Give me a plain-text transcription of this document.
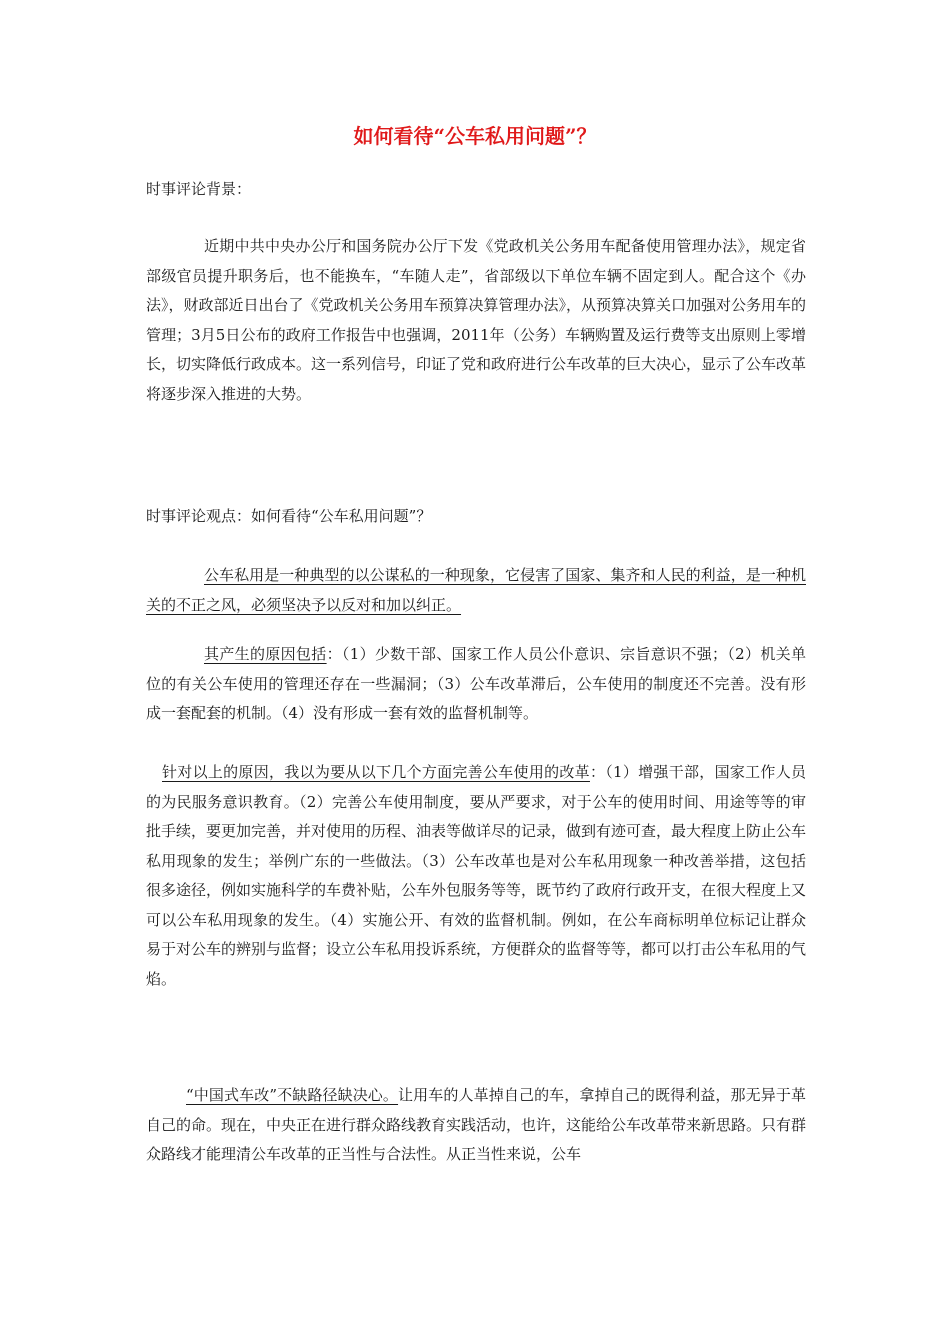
如何看待“公车私用问题”？
时事评论背景：

近期中共中央办公厅和国务院办公厅下发《党政机关公务用车配备使用管理办法》，规定省部级官员提升职务后，也不能换车，“车随人走”，省部级以下单位车辆不固定到人。配合这个《办法》，财政部近日出台了《党政机关公务用车预算决算管理办法》，从预算决算关口加强对公务用车的管理；3月5日公布的政府工作报告中也强调，2011年（公务）车辆购置及运行费等支出原则上零增长，切实降低行政成本。这一系列信号，印证了党和政府进行公车改革的巨大决心，显示了公车改革将逐步深入推进的大势。

时事评论观点：如何看待“公车私用问题”？

公车私用是一种典型的以公谋私的一种现象，它侵害了国家、集齐和人民的利益，是一种机关的不正之风，必须坚决予以反对和加以纠正。

其产生的原因包括：（1）少数干部、国家工作人员公仆意识、宗旨意识不强；（2）机关单位的有关公车使用的管理还存在一些漏洞；（3）公车改革滞后，公车使用的制度还不完善。没有形成一套配套的机制。（4）没有形成一套有效的监督机制等。

针对以上的原因，我以为要从以下几个方面完善公车使用的改革：（1）增强干部，国家工作人员的为民服务意识教育。（2）完善公车使用制度，要从严要求，对于公车的使用时间、用途等等的审批手续，要更加完善，并对使用的历程、油表等做详尽的记录，做到有迹可查，最大程度上防止公车私用现象的发生；举例广东的一些做法。（3）公车改革也是对公车私用现象一种改善举措，这包括很多途径，例如实施科学的车费补贴，公车外包服务等等，既节约了政府行政开支，在很大程度上又可以公车私用现象的发生。（4）实施公开、有效的监督机制。例如，在公车商标明单位标记让群众易于对公车的辨别与监督；设立公车私用投诉系统，方便群众的监督等等，都可以打击公车私用的气焰。

“中国式车改”不缺路径缺决心。让用车的人革掉自己的车，拿掉自己的既得利益，那无异于革自己的命。现在，中央正在进行群众路线教育实践活动，也许，这能给公车改革带来新思路。只有群众路线才能理清公车改革的正当性与合法性。从正当性来说，公车
